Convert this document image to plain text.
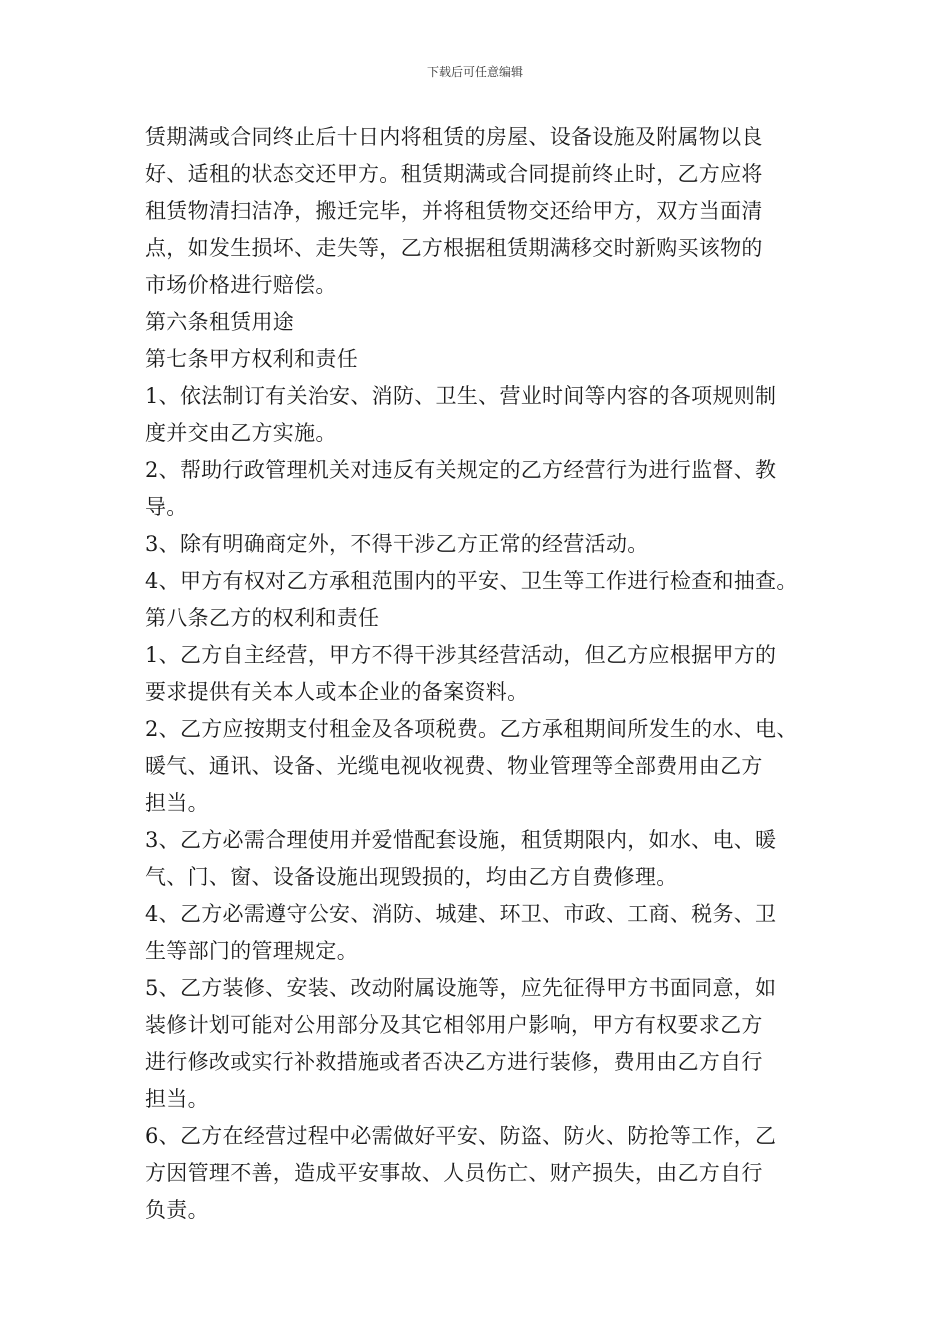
下载后可任意编辑
赁期满或合同终止后十日内将租赁的房屋、设备设施及附属物以良
好、适租的状态交还甲方。租赁期满或合同提前终止时，乙方应将
租赁物清扫洁净，搬迁完毕，并将租赁物交还给甲方，双方当面清
点，如发生损坏、走失等，乙方根据租赁期满移交时新购买该物的
市场价格进行赔偿。
第六条租赁用途
第七条甲方权利和责任
1、依法制订有关治安、消防、卫生、营业时间等内容的各项规则制
度并交由乙方实施。
2、帮助行政管理机关对违反有关规定的乙方经营行为进行监督、教
导。
3、除有明确商定外，不得干涉乙方正常的经营活动。
4、甲方有权对乙方承租范围内的平安、卫生等工作进行检查和抽查。
第八条乙方的权利和责任
1、乙方自主经营，甲方不得干涉其经营活动，但乙方应根据甲方的
要求提供有关本人或本企业的备案资料。
2、乙方应按期支付租金及各项税费。乙方承租期间所发生的水、电、
暖气、通讯、设备、光缆电视收视费、物业管理等全部费用由乙方
担当。
3、乙方必需合理使用并爱惜配套设施，租赁期限内，如水、电、暖
气、门、窗、设备设施出现毁损的，均由乙方自费修理。
4、乙方必需遵守公安、消防、城建、环卫、市政、工商、税务、卫
生等部门的管理规定。
5、乙方装修、安装、改动附属设施等，应先征得甲方书面同意，如
装修计划可能对公用部分及其它相邻用户影响，甲方有权要求乙方
进行修改或实行补救措施或者否决乙方进行装修，费用由乙方自行
担当。
6、乙方在经营过程中必需做好平安、防盗、防火、防抢等工作，乙
方因管理不善，造成平安事故、人员伤亡、财产损失，由乙方自行
负责。
